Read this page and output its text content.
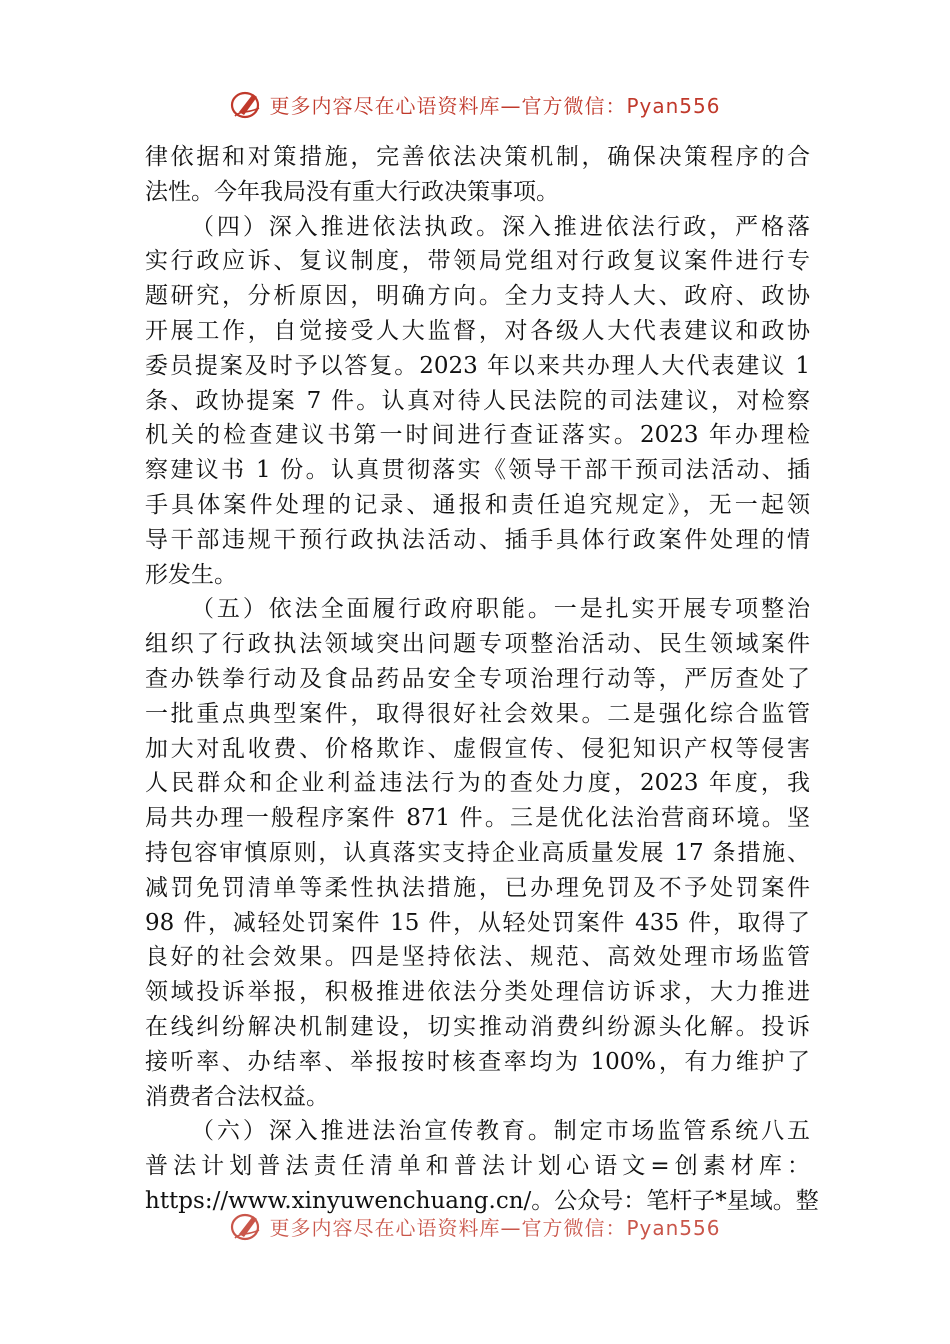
更多内容尽在心语资料库—官方微信：Pyan556

律依据和对策措施，完善依法决策机制，确保决策程序的合

法性。今年我局没有重大行政决策事项。

（四）深入推进依法执政。深入推进依法行政，严格落

实行政应诉、复议制度，带领局党组对行政复议案件进行专

题研究，分析原因，明确方向。全力支持人大、政府、政协

开展工作，自觉接受人大监督，对各级人大代表建议和政协

委员提案及时予以答复。2023 年以来共办理人大代表建议 1

条、政协提案 7 件。认真对待人民法院的司法建议，对检察

机关的检查建议书第一时间进行查证落实。2023 年办理检

察建议书 1 份。认真贯彻落实《领导干部干预司法活动、插

手具体案件处理的记录、通报和责任追究规定》，无一起领

导干部违规干预行政执法活动、插手具体行政案件处理的情

形发生。

（五）依法全面履行政府职能。一是扎实开展专项整治

组织了行政执法领域突出问题专项整治活动、民生领域案件

查办铁拳行动及食品药品安全专项治理行动等，严厉查处了

一批重点典型案件，取得很好社会效果。二是强化综合监管

加大对乱收费、价格欺诈、虚假宣传、侵犯知识产权等侵害

人民群众和企业利益违法行为的查处力度，2023 年度，我

局共办理一般程序案件 871 件。三是优化法治营商环境。坚

持包容审慎原则，认真落实支持企业高质量发展 17 条措施、

减罚免罚清单等柔性执法措施，已办理免罚及不予处罚案件

98 件，减轻处罚案件 15 件，从轻处罚案件 435 件，取得了

良好的社会效果。四是坚持依法、规范、高效处理市场监管

领域投诉举报，积极推进依法分类处理信访诉求，大力推进

在线纠纷解决机制建设，切实推动消费纠纷源头化解。投诉

接听率、办结率、举报按时核查率均为 100%，有力维护了

消费者合法权益。

（六）深入推进法治宣传教育。制定市场监管系统八五

普法计划普法责任清单和普法计划心语文=创素材库：

https://www.xinyuwenchuang.cn/。公众号：笔杆子*星域。整

更多内容尽在心语资料库—官方微信：Pyan556
